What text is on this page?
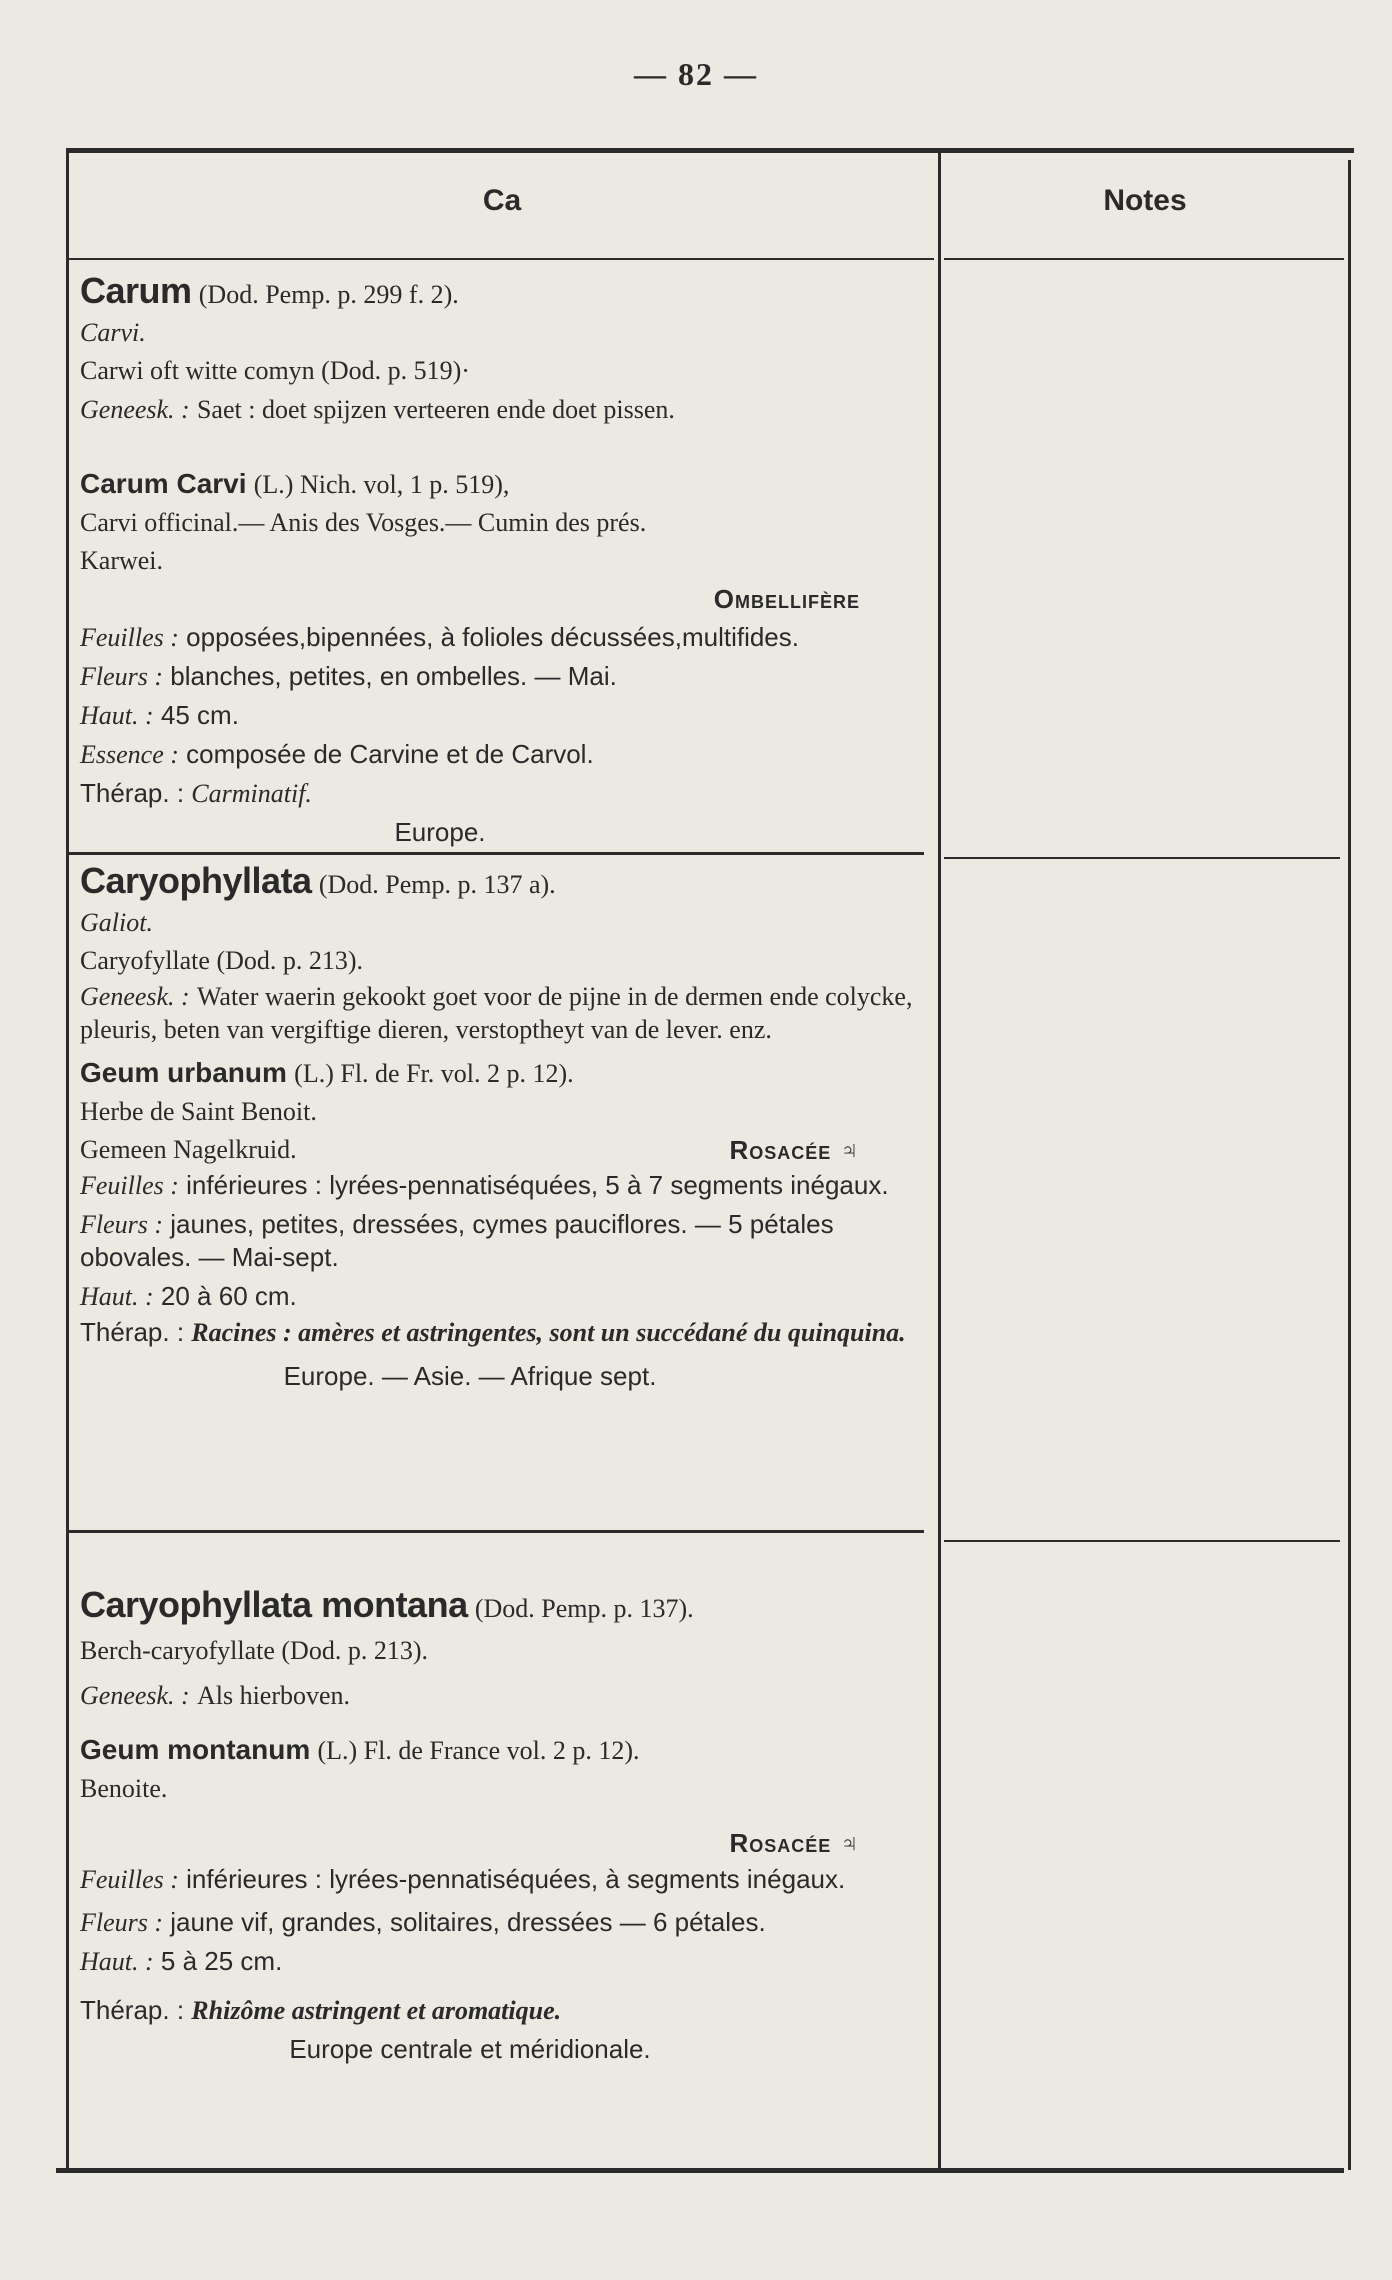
— 82 —
Ca	Notes

Carum (Dod. Pemp. p. 299 f. 2).

Carvi.

Carwi oft witte comyn (Dod. p. 519)·

Geneesk. : Saet : doet spijzen verteeren ende doet pissen.

Carum Carvi (L.) Nich. vol, 1 p. 519),

Carvi officinal.— Anis des Vosges.— Cumin des prés.

Karwei.

Ombellifère

Feuilles : opposées,bipennées, à folioles décussées,multifides.

Fleurs : blanches, petites, en ombelles. — Mai.

Haut. : 45 cm.

Essence : composée de Carvine et de Carvol.

Thérap. : Carminatif.

Europe.

Caryophyllata (Dod. Pemp. p. 137 a).

Galiot.

Caryofyllate (Dod. p. 213).

Geneesk. : Water waerin gekookt goet voor de pijne in de dermen ende colycke, pleuris, beten van vergiftige dieren, verstoptheyt van de lever. enz.

Geum urbanum (L.) Fl. de Fr. vol. 2 p. 12).

Herbe de Saint Benoit.

Gemeen Nagelkruid.	Rosacée ♃

Feuilles : inférieures : lyrées-pennatiséquées, 5 à 7 segments inégaux.

Fleurs : jaunes, petites, dressées, cymes pauciflores. — 5 pétales obovales. — Mai-sept.

Haut. : 20 à 60 cm.

Thérap. : Racines : amères et astringentes, sont un succédané du quinquina.

Europe. — Asie. — Afrique sept.

Caryophyllata montana (Dod. Pemp. p. 137).

Berch-caryofyllate (Dod. p. 213).

Geneesk. : Als hierboven.

Geum montanum (L.) Fl. de France vol. 2 p. 12).

Benoite.

Rosacée ♃

Feuilles : inférieures : lyrées-pennatiséquées, à segments inégaux.

Fleurs : jaune vif, grandes, solitaires, dressées — 6 pétales.

Haut. : 5 à 25 cm.

Thérap. : Rhizôme astringent et aromatique.

Europe centrale et méridionale.
